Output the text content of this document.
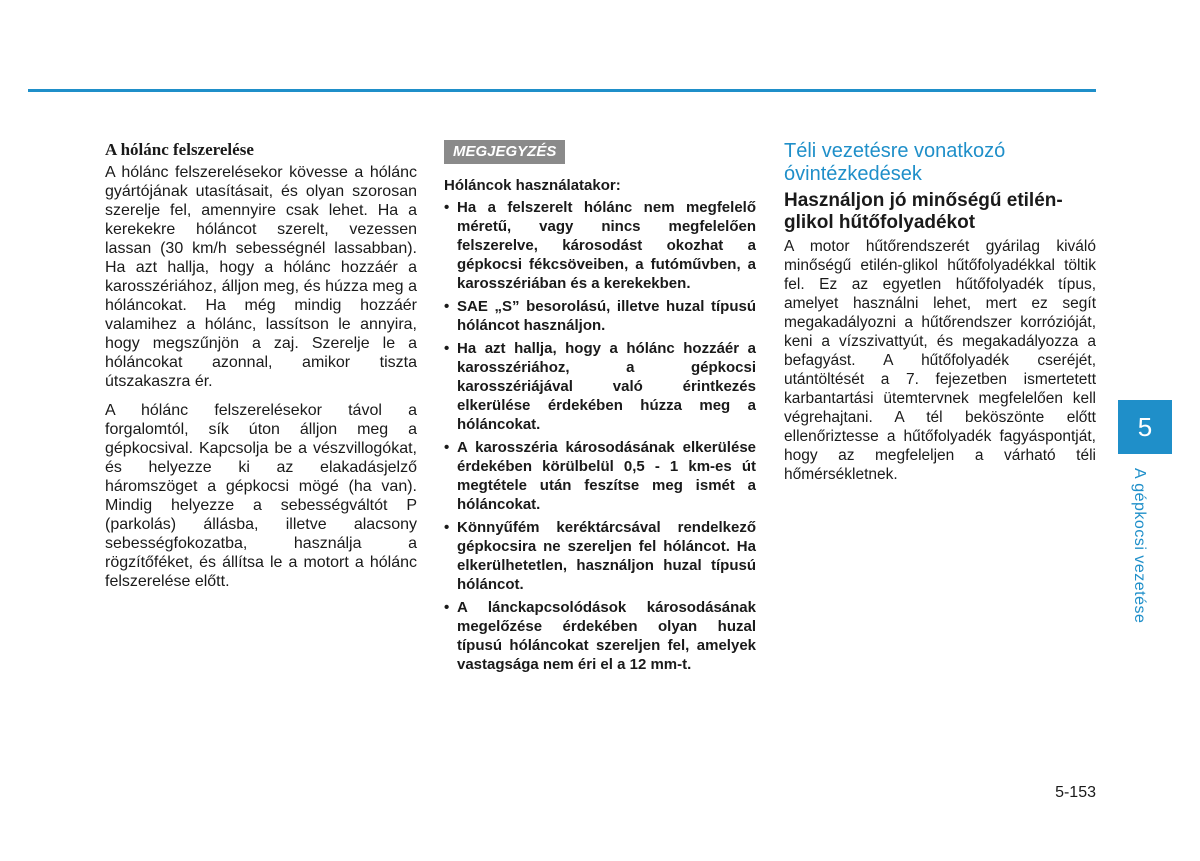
A hólánc felszerelése

A hólánc felszerelésekor kövesse a hólánc gyártójának utasításait, és olyan szorosan szerelje fel, amennyire csak lehet. Ha a kerekekre hóláncot szerelt, vezessen lassan (30 km/h sebességnél lassabban). Ha azt hallja, hogy a hólánc hozzáér a karosszériához, álljon meg, és húzza meg a hóláncokat. Ha még mindig hozzáér valamihez a hólánc, lassítson le annyira, hogy megszűnjön a zaj. Szerelje le a hóláncokat azonnal, amikor tiszta útszakaszra ér.

A hólánc felszerelésekor távol a forgalomtól, sík úton álljon meg a gépkocsival. Kapcsolja be a vészvillogókat, és helyezze ki az elakadásjelző háromszöget a gépkocsi mögé (ha van). Mindig helyezze a sebességváltót P (parkolás) állásba, illetve alacsony sebességfokozatba, használja a rögzítőféket, és állítsa le a motort a hólánc felszerelése előtt.

MEGJEGYZÉS
Hóláncok használatakor:
• Ha a felszerelt hólánc nem megfelelő méretű, vagy nincs megfelelően felszerelve, károsodást okozhat a gépkocsi fékcsöveiben, a futóművben, a karosszériában és a kerekekben.
• SAE „S” besorolású, illetve huzal típusú hóláncot használjon.
• Ha azt hallja, hogy a hólánc hozzáér a karosszériához, a gépkocsi karosszériájával való érintkezés elkerülése érdekében húzza meg a hóláncokat.
• A karosszéria károsodásának elkerülése érdekében körülbelül 0,5 - 1 km-es út megtétele után feszítse meg ismét a hóláncokat.
• Könnyűfém keréktárcsával rendelkező gépkocsira ne szereljen fel hóláncot. Ha elkerülhetetlen, használjon huzal típusú hóláncot.
• A lánckapcsolódások károsodásának megelőzése érdekében olyan huzal típusú hóláncokat szereljen fel, amelyek vastagsága nem éri el a 12 mm-t.
Téli vezetésre vonatkozó óvintézkedések
Használjon jó minőségű etilén-glikol hűtőfolyadékot

A motor hűtőrendszerét gyárilag kiváló minőségű etilén-glikol hűtőfolyadékkal töltik fel. Ez az egyetlen hűtőfolyadék típus, amelyet használni lehet, mert ez segít megakadályozni a hűtőrendszer korrózióját, keni a vízszivattyút, és megakadályozza a befagyást. A hűtőfolyadék cseréjét, utántöltését a 7. fejezetben ismertetett karbantartási ütemtervnek megfelelően kell végrehajtani. A tél beköszönte előtt ellenőriztesse a hűtőfolyadék fagyáspontját, hogy az megfeleljen a várható téli hőmérsékletnek.

5
A gépkocsi vezetése
5-153
